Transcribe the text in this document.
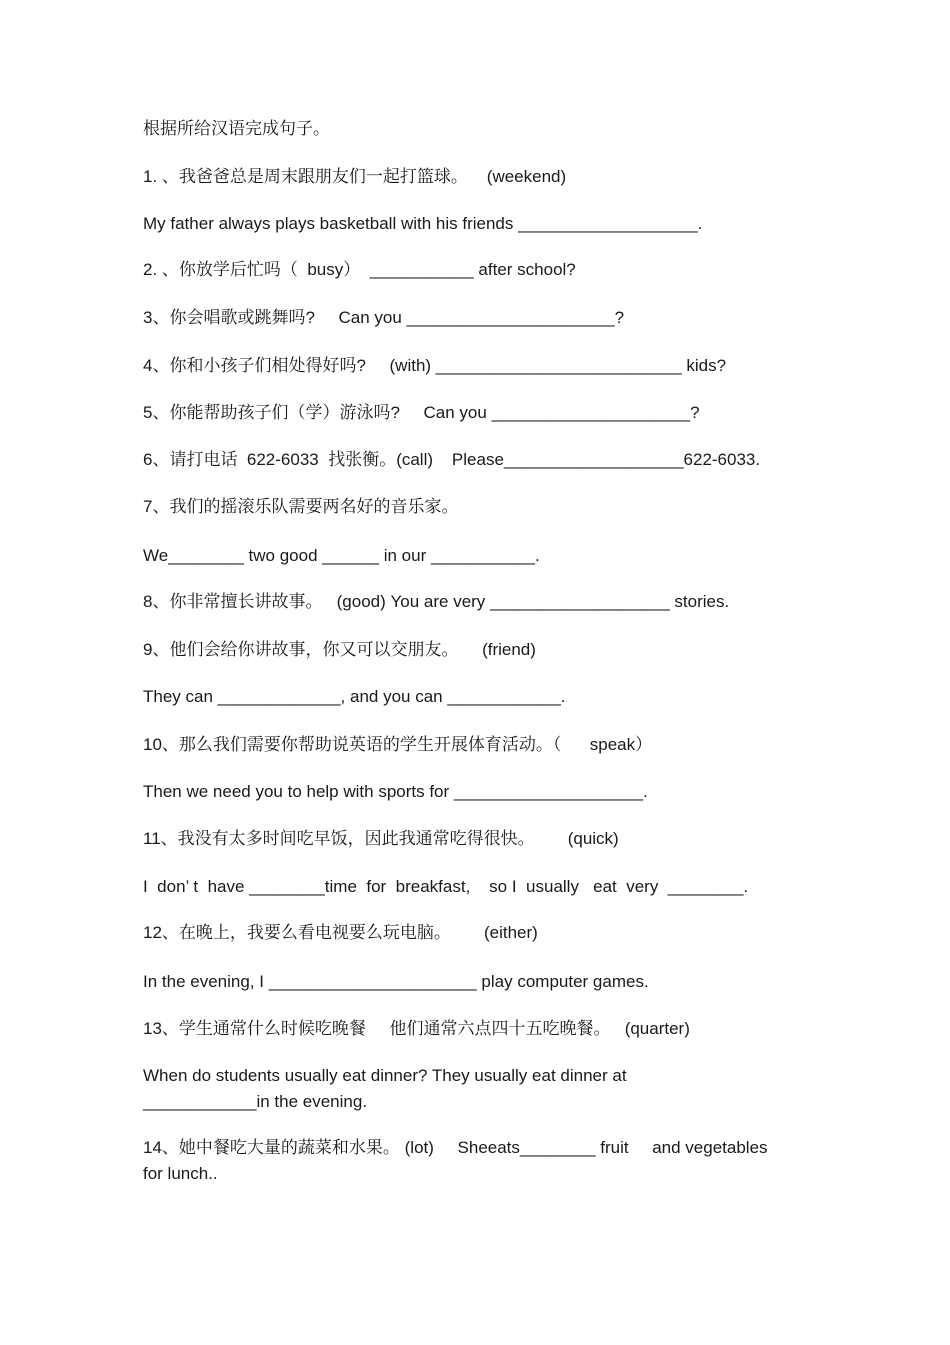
根据所给汉语完成句子。
1. 、我爸爸总是周末跟朋友们一起打篮球。    (weekend)
My father always plays basketball with his friends ___________________.
2. 、你放学后忙吗（  busy）  ___________ after school?
3、你会唱歌或跳舞吗?     Can you ______________________?
4、你和小孩子们相处得好吗?     (with) __________________________ kids?
5、你能帮助孩子们（学）游泳吗?     Can you _____________________?
6、请打电话  622-6033  找张衡。(call)    Please___________________622-6033.
7、我们的摇滚乐队需要两名好的音乐家。
We________ two good ______ in our ___________.
8、你非常擅长讲故事。   (good) You are very ___________________ stories.
9、他们会给你讲故事，你又可以交朋友。     (friend)
They can _____________, and you can ____________.
10、那么我们需要你帮助说英语的学生开展体育活动。（      speak）
Then we need you to help with sports for ____________________.
11、我没有太多时间吃早饭，因此我通常吃得很快。       (quick)
I  don’ t  have ________time  for  breakfast,    so I  usually   eat  very  ________.
12、在晚上，我要么看电视要么玩电脑。       (either)
In the evening, I ______________________ play computer games.
13、学生通常什么时候吃晚餐     他们通常六点四十五吃晚餐。   (quarter)
When do students usually eat dinner? They usually eat dinner at
____________in the evening.
14、她中餐吃大量的蔬菜和水果。 (lot)     Sheeats________ fruit     and vegetables
for lunch..
